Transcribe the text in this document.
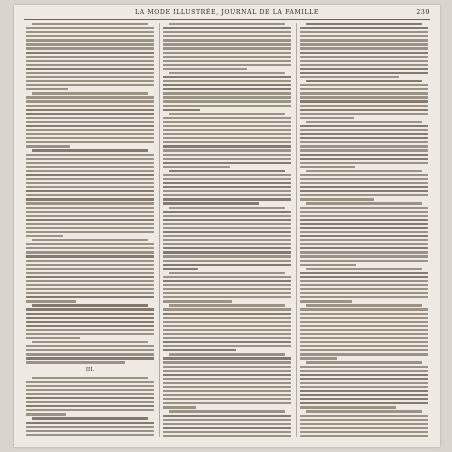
LA MODE ILLUSTRÉE, JOURNAL DE LA FAMILLE	239
III.
